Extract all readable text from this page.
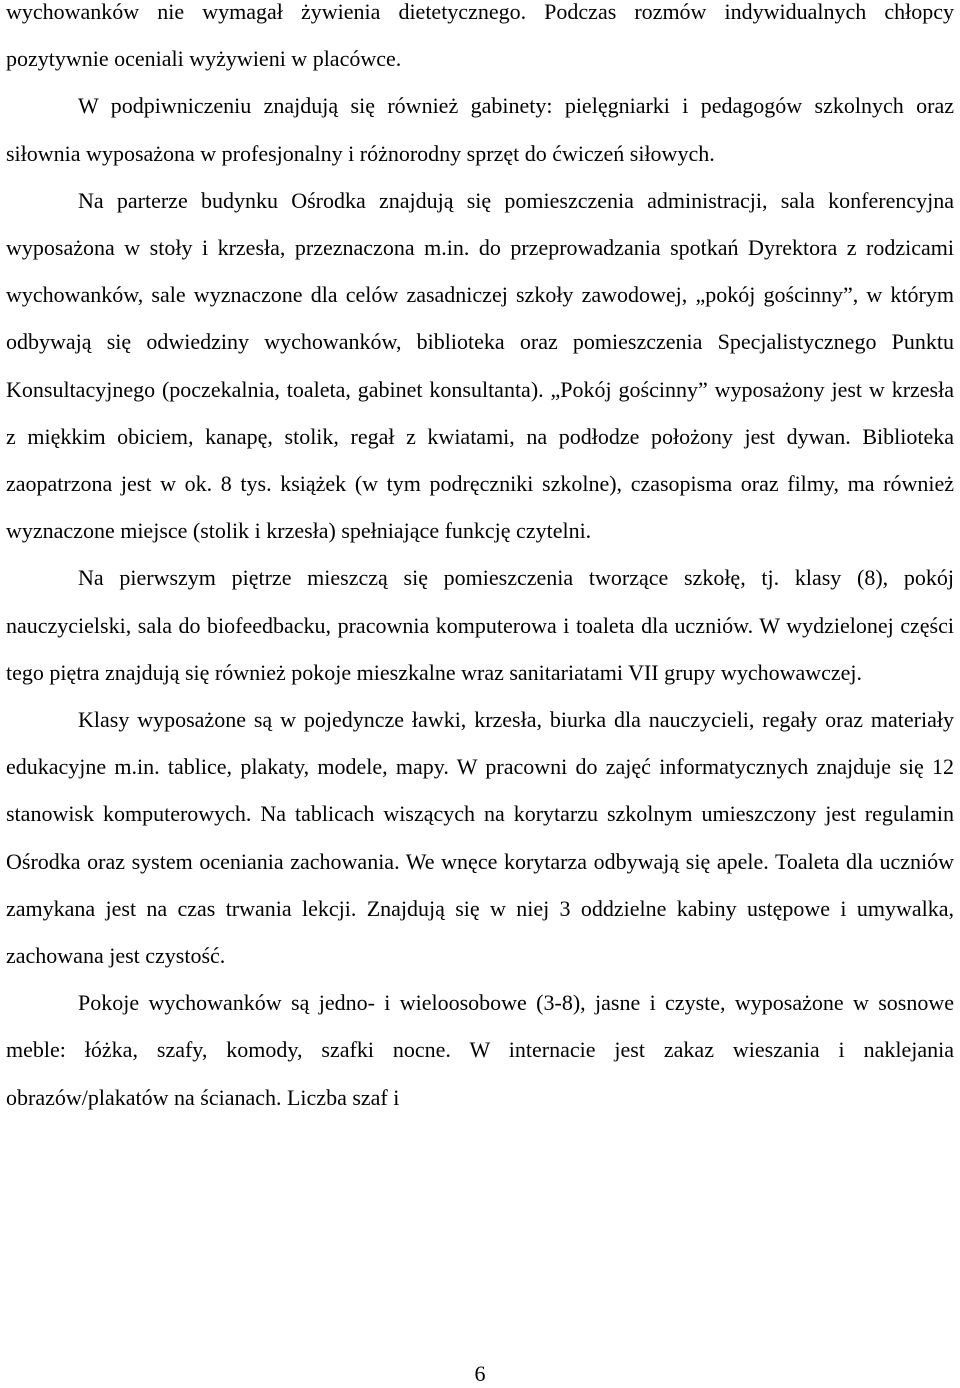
wychowanków nie wymagał żywienia dietetycznego. Podczas rozmów indywidualnych chłopcy pozytywnie oceniali wyżywieni w placówce.

W podpiwniczeniu znajdują się również gabinety: pielęgniarki i pedagogów szkolnych oraz siłownia wyposażona w profesjonalny i różnorodny sprzęt do ćwiczeń siłowych.

Na parterze budynku Ośrodka znajdują się pomieszczenia administracji, sala konferencyjna wyposażona w stoły i krzesła, przeznaczona m.in. do przeprowadzania spotkań Dyrektora z rodzicami wychowanków, sale wyznaczone dla celów zasadniczej szkoły zawodowej, „pokój gościnny”, w którym odbywają się odwiedziny wychowanków, biblioteka oraz pomieszczenia Specjalistycznego Punktu Konsultacyjnego (poczekalnia, toaleta, gabinet konsultanta). „Pokój gościnny” wyposażony jest w krzesła z miękkim obiciem, kanapę, stolik, regał z kwiatami, na podłodze położony jest dywan. Biblioteka zaopatrzona jest w ok. 8 tys. książek (w tym podręczniki szkolne), czasopisma oraz filmy, ma również wyznaczone miejsce (stolik i krzesła) spełniające funkcję czytelni.

Na pierwszym piętrze mieszczą się pomieszczenia tworzące szkołę, tj. klasy (8), pokój nauczycielski, sala do biofeedbacku, pracownia komputerowa i toaleta dla uczniów. W wydzielonej części tego piętra znajdują się również pokoje mieszkalne wraz sanitariatami VII grupy wychowawczej.

Klasy wyposażone są w pojedyncze ławki, krzesła, biurka dla nauczycieli, regały oraz materiały edukacyjne m.in. tablice, plakaty, modele, mapy. W pracowni do zajęć informatycznych znajduje się 12 stanowisk komputerowych. Na tablicach wiszących na korytarzu szkolnym umieszczony jest regulamin Ośrodka oraz system oceniania zachowania. We wnęce korytarza odbywają się apele. Toaleta dla uczniów zamykana jest na czas trwania lekcji. Znajdują się w niej 3 oddzielne kabiny ustępowe i umywalka, zachowana jest czystość.

Pokoje wychowanków są jedno- i wieloosobowe (3-8), jasne i czyste, wyposażone w sosnowe meble: łóżka, szafy, komody, szafki nocne. W internacie jest zakaz wieszania i naklejania obrazów/plakatów na ścianach. Liczba szaf i

6
